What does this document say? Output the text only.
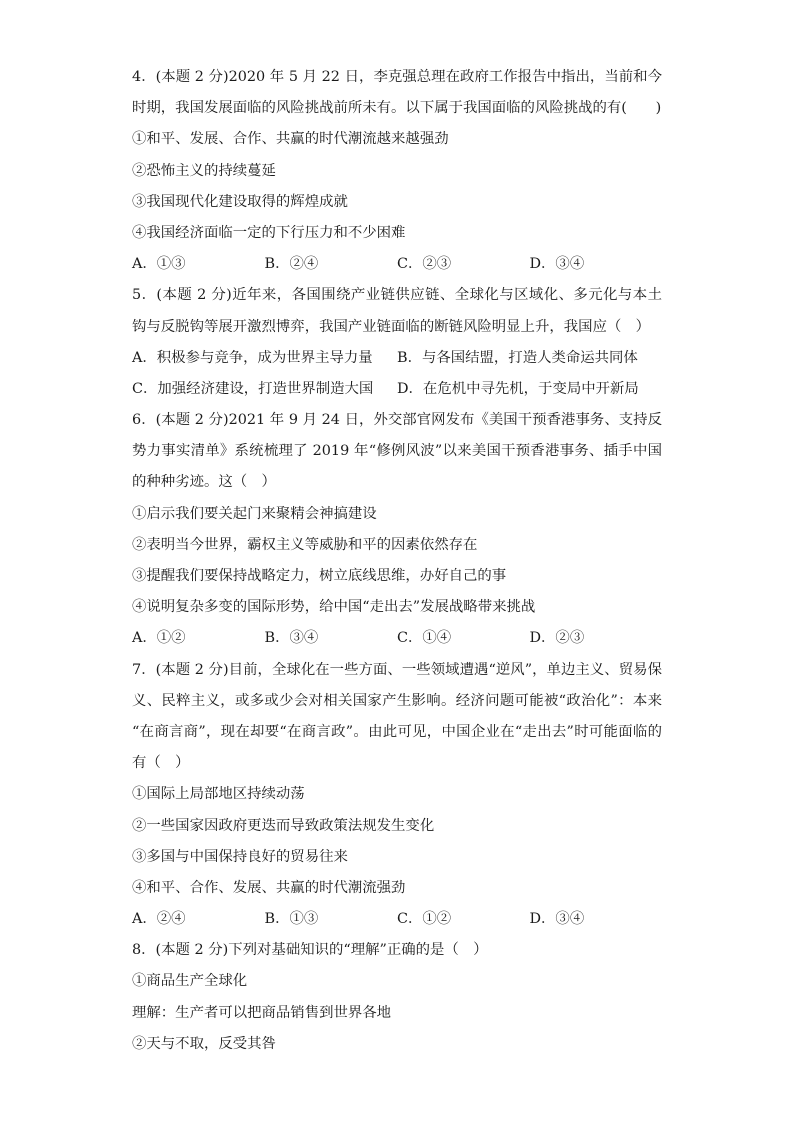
4．(本题 2 分)2020 年 5 月 22 日，李克强总理在政府工作报告中指出，当前和今
时期，我国发展面临的风险挑战前所未有。以下属于我国面临的风险挑战的有(　　)
①和平、发展、合作、共赢的时代潮流越来越强劲
②恐怖主义的持续蔓延
③我国现代化建设取得的辉煌成就
④我国经济面临一定的下行压力和不少困难
A．①③	B．②④	C．②③	D．③④
5．(本题 2 分)近年来，各国围绕产业链供应链、全球化与区域化、多元化与本土
钩与反脱钩等展开激烈博弈，我国产业链面临的断链风险明显上升，我国应（　）
A．积极参与竞争，成为世界主导力量	B．与各国结盟，打造人类命运共同体
C．加强经济建设，打造世界制造大国	D．在危机中寻先机，于变局中开新局
6．(本题 2 分)2021 年 9 月 24 日，外交部官网发布《美国干预香港事务、支持反
势力事实清单》系统梳理了 2019 年“修例风波”以来美国干预香港事务、插手中国
的种种劣迹。这（　）
①启示我们要关起门来聚精会神搞建设
②表明当今世界，霸权主义等威胁和平的因素依然存在
③提醒我们要保持战略定力，树立底线思维，办好自己的事
④说明复杂多变的国际形势，给中国“走出去”发展战略带来挑战
A．①②	B．③④	C．①④	D．②③
7．(本题 2 分)目前，全球化在一些方面、一些领域遭遇“逆风”，单边主义、贸易保
义、民粹主义，或多或少会对相关国家产生影响。经济问题可能被“政治化”：本来
“在商言商”，现在却要“在商言政”。由此可见，中国企业在“走出去”时可能面临的
有（　）
①国际上局部地区持续动荡
②一些国家因政府更迭而导致政策法规发生变化
③多国与中国保持良好的贸易往来
④和平、合作、发展、共赢的时代潮流强劲
A．②④	B．①③	C．①②	D．③④
8．(本题 2 分)下列对基础知识的“理解”正确的是（　）
①商品生产全球化
理解：生产者可以把商品销售到世界各地
②天与不取，反受其咎
